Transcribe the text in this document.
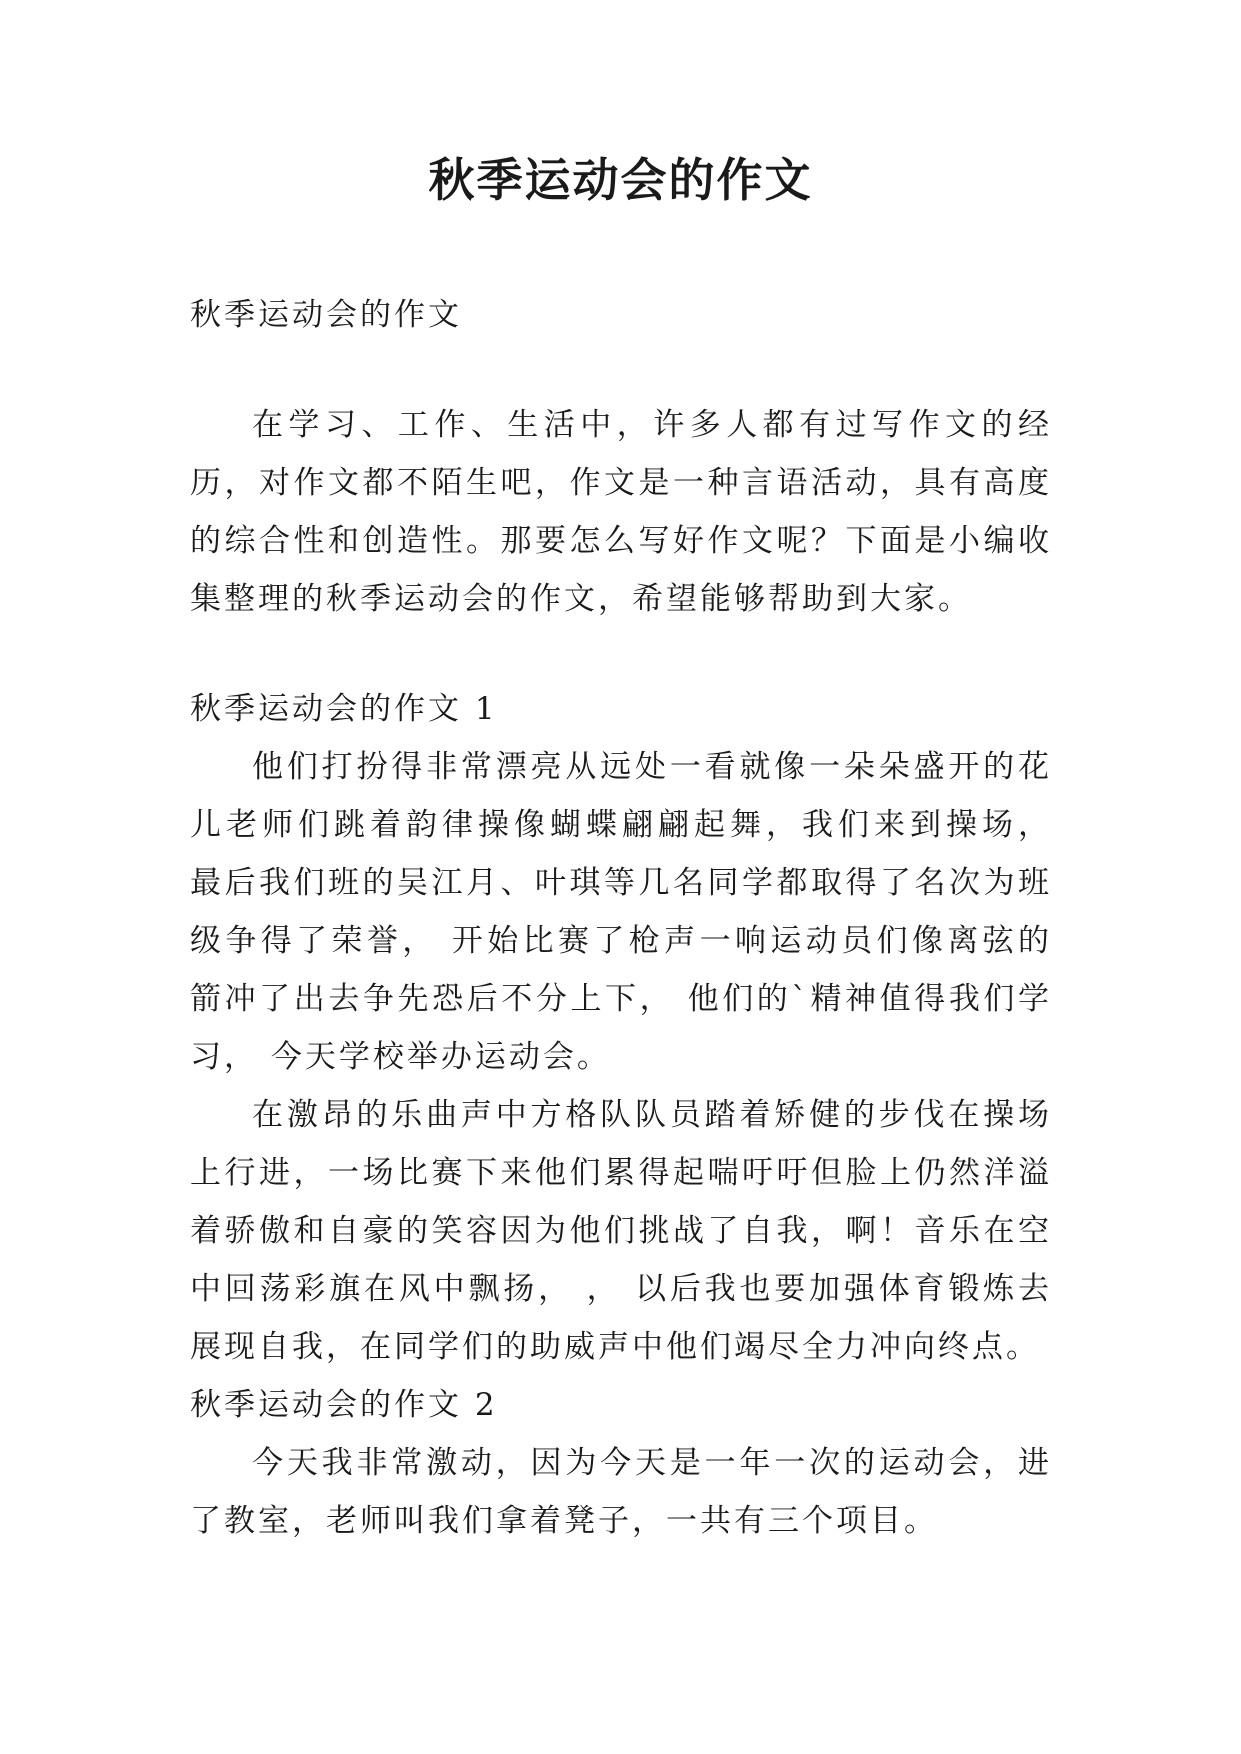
秋季运动会的作文

秋季运动会的作文

在学习、工作、生活中，许多人都有过写作文的经历，对作文都不陌生吧，作文是一种言语活动，具有高度的综合性和创造性。那要怎么写好作文呢？下面是小编收集整理的秋季运动会的作文，希望能够帮助到大家。

秋季运动会的作文 1

他们打扮得非常漂亮从远处一看就像一朵朵盛开的花儿老师们跳着韵律操像蝴蝶翩翩起舞，我们来到操场， 最后我们班的吴江月、叶琪等几名同学都取得了名次为班级争得了荣誉， 开始比赛了枪声一响运动员们像离弦的箭冲了出去争先恐后不分上下， 他们的`精神值得我们学习， 今天学校举办运动会。

在激昂的乐曲声中方格队队员踏着矫健的步伐在操场上行进，一场比赛下来他们累得起喘吁吁但脸上仍然洋溢着骄傲和自豪的笑容因为他们挑战了自我，啊！音乐在空中回荡彩旗在风中飘扬， ， 以后我也要加强体育锻炼去展现自我，在同学们的助威声中他们竭尽全力冲向终点。

秋季运动会的作文 2

今天我非常激动，因为今天是一年一次的运动会，进了教室，老师叫我们拿着凳子，一共有三个项目。
